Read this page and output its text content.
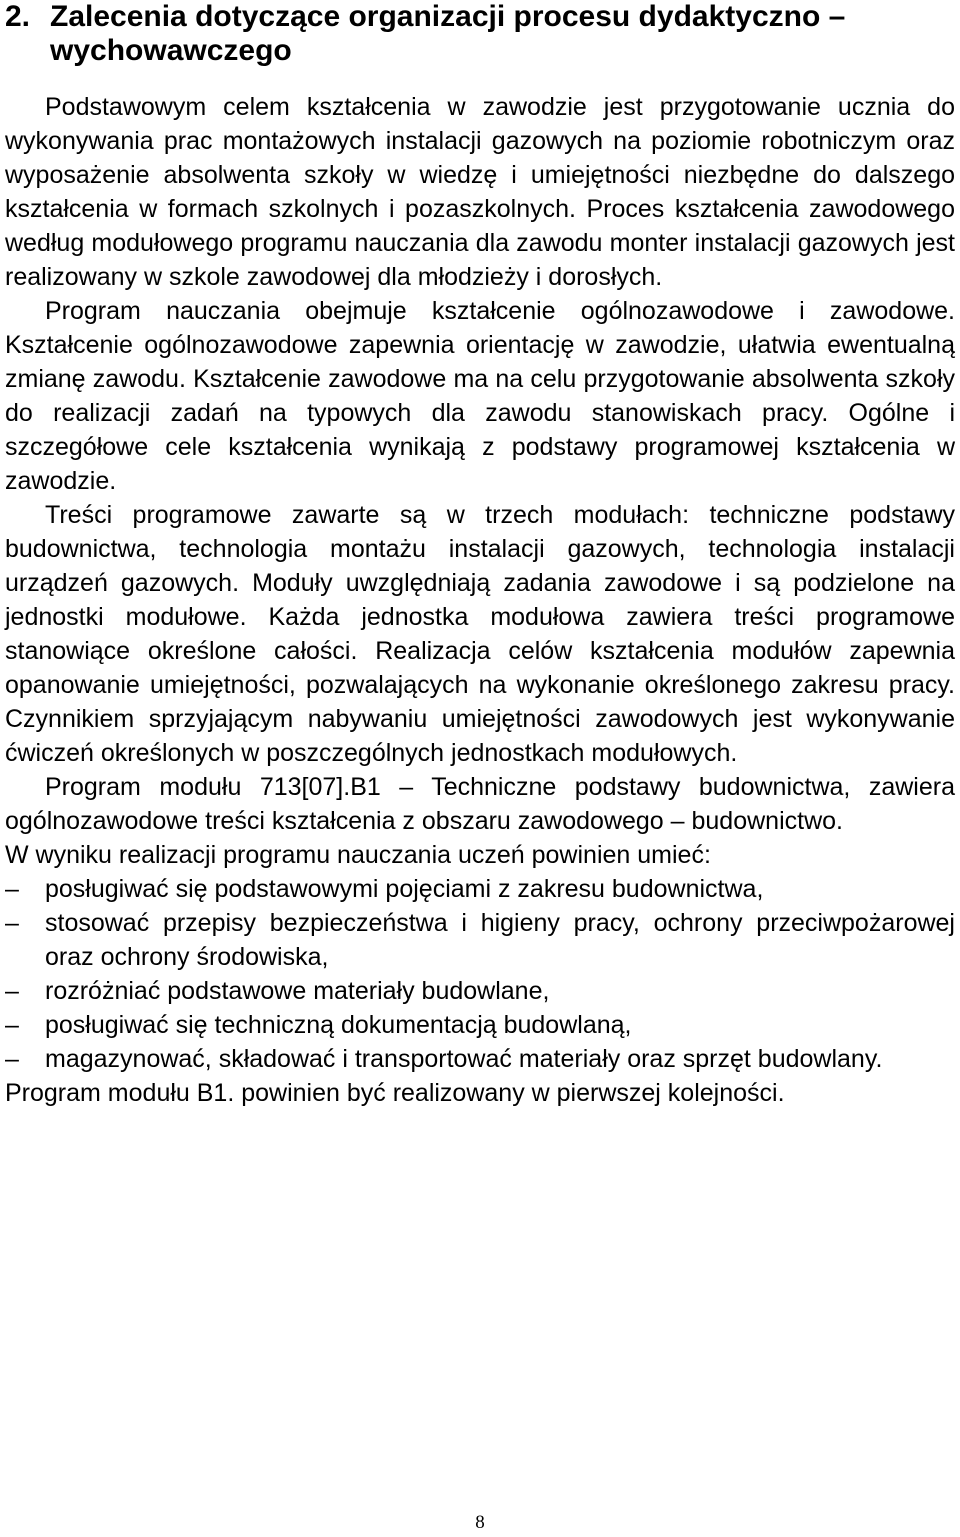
2. Zalecenia dotyczące organizacji procesu dydaktyczno – wychowawczego

Podstawowym celem kształcenia w zawodzie jest przygotowanie ucznia do wykonywania prac montażowych instalacji gazowych na poziomie robotniczym oraz wyposażenie absolwenta szkoły w wiedzę i umiejętności niezbędne do dalszego kształcenia w formach szkolnych i pozaszkolnych. Proces kształcenia zawodowego według modułowego programu nauczania dla zawodu monter instalacji gazowych jest realizowany w szkole zawodowej dla młodzieży i dorosłych.

Program nauczania obejmuje kształcenie ogólnozawodowe i zawodowe. Kształcenie ogólnozawodowe zapewnia orientację w zawodzie, ułatwia ewentualną zmianę zawodu. Kształcenie zawodowe ma na celu przygotowanie absolwenta szkoły do realizacji zadań na typowych dla zawodu stanowiskach pracy. Ogólne i szczegółowe cele kształcenia wynikają z podstawy programowej kształcenia w zawodzie.

Treści programowe zawarte są w trzech modułach: techniczne podstawy budownictwa, technologia montażu instalacji gazowych, technologia instalacji urządzeń gazowych. Moduły uwzględniają zadania zawodowe i są podzielone na jednostki modułowe. Każda jednostka modułowa zawiera treści programowe stanowiące określone całości. Realizacja celów kształcenia modułów zapewnia opanowanie umiejętności, pozwalających na wykonanie określonego zakresu pracy. Czynnikiem sprzyjającym nabywaniu umiejętności zawodowych jest wykonywanie ćwiczeń określonych w poszczególnych jednostkach modułowych.

Program modułu 713[07].B1 – Techniczne podstawy budownictwa, zawiera ogólnozawodowe treści kształcenia z obszaru zawodowego – budownictwo.

W wyniku realizacji programu nauczania uczeń powinien umieć:

–	posługiwać się podstawowymi pojęciami z zakresu budownictwa,
–	stosować przepisy bezpieczeństwa i higieny pracy, ochrony przeciwpożarowej oraz ochrony środowiska,
–	rozróżniać podstawowe materiały budowlane,
–	posługiwać się techniczną dokumentacją budowlaną,
–	magazynować, składować i transportować materiały oraz sprzęt budowlany.

Program modułu B1. powinien być realizowany w pierwszej kolejności.

8
